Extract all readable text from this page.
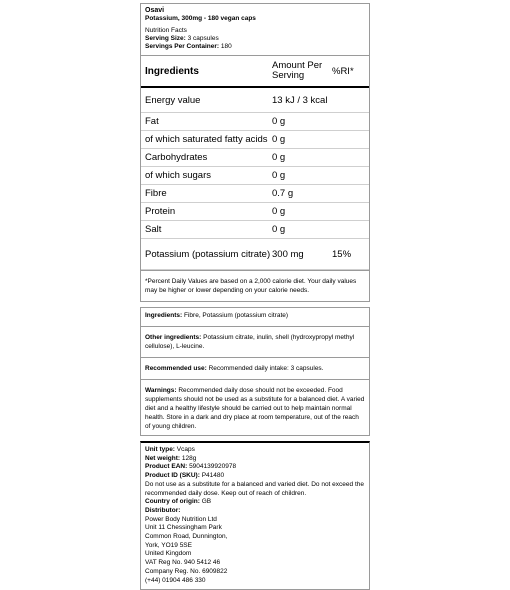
Osavi
Potassium, 300mg - 180 vegan caps
Nutrition Facts
Serving Size: 3 capsules
Servings Per Container: 180
Ingredients	Amount Per Serving	%RI*
Energy value	13 kJ / 3 kcal
Fat	0 g
of which saturated fatty acids 0 g
Carbohydrates	0 g
of which sugars	0 g
Fibre	0.7 g
Protein	0 g
Salt	0 g
Potassium (potassium citrate) 300 mg	15%
*Percent Daily Values are based on a 2,000 calorie diet. Your daily values may be higher or lower depending on your calorie needs.

Ingredients: Fibre, Potassium (potassium citrate)

Other ingredients: Potassium citrate, inulin, shell (hydroxypropyl methyl cellulose), L-leucine.

Recommended use: Recommended daily intake: 3 capsules.

Warnings: Recommended daily dose should not be exceeded. Food supplements should not be used as a substitute for a balanced diet. A varied diet and a healthy lifestyle should be carried out to help maintain normal health. Store in a dark and dry place at room temperature, out of the reach of young children.

Unit type: Vcaps
Net weight: 128g
Product EAN: 5904139920978
Product ID (SKU): P41480
Do not use as a substitute for a balanced and varied diet. Do not exceed the recommended daily dose. Keep out of reach of children.
Country of origin: GB
Distributor:
Power Body Nutrition Ltd
Unit 11 Chessingham Park
Common Road, Dunnington,
York, YO19 5SE
United Kingdom
VAT Reg No. 940 5412 46
Company Reg. No. 6909822
(+44) 01904 486 330
